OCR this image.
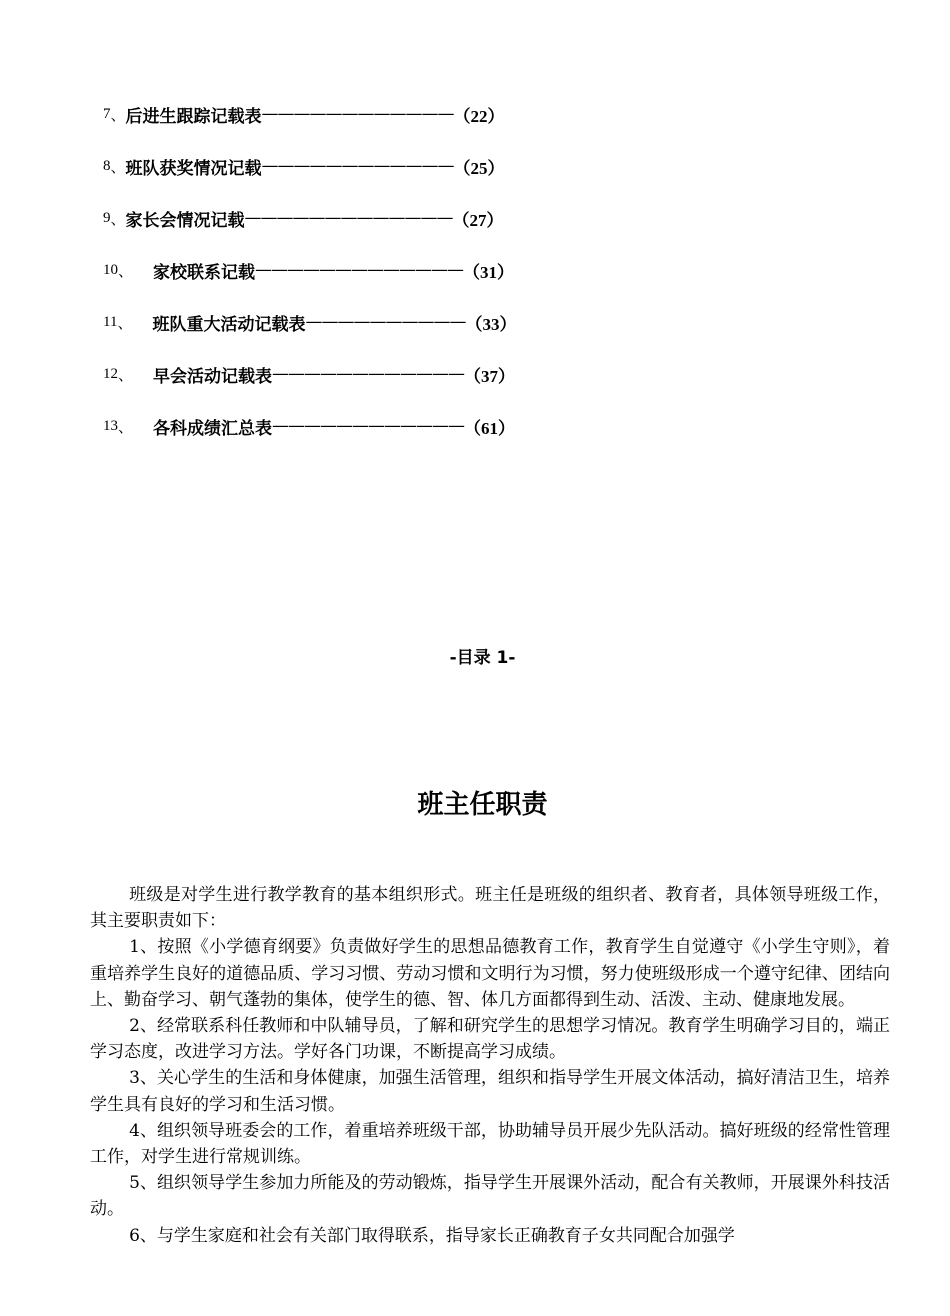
7 、 后进生跟踪记载表 ———————————— （22）
8 、 班队获奖情况记载 ———————————— （25）
9 、 家长会情况记载 ————————————— （27）
10 、 家校联系记载 ————————————— （31）
11 、 班队重大活动记载表 —————————— （33）
12 、 早会活动记载表 ———————————— （37）
13 、 各科成绩汇总表 ———————————— （61）
-目录 1-
班主任职责

班级是对学生进行教学教育的基本组织形式。班主任是班级的组织者、教育者，具体领导班级工作，其主要职责如下：

1、按照《小学德育纲要》负责做好学生的思想品德教育工作，教育学生自觉遵守《小学生守则》，着重培养学生良好的道德品质、学习习惯、劳动习惯和文明行为习惯，努力使班级形成一个遵守纪律、团结向上、勤奋学习、朝气蓬勃的集体，使学生的德、智、体几方面都得到生动、活泼、主动、健康地发展。

2、经常联系科任教师和中队辅导员，了解和研究学生的思想学习情况。教育学生明确学习目的，端正学习态度，改进学习方法。学好各门功课，不断提高学习成绩。

3、关心学生的生活和身体健康，加强生活管理，组织和指导学生开展文体活动，搞好清洁卫生，培养学生具有良好的学习和生活习惯。

4、组织领导班委会的工作，着重培养班级干部，协助辅导员开展少先队活动。搞好班级的经常性管理工作，对学生进行常规训练。

5、组织领导学生参加力所能及的劳动锻炼，指导学生开展课外活动，配合有关教师，开展课外科技活动。

6、与学生家庭和社会有关部门取得联系，指导家长正确教育子女共同配合加强学
